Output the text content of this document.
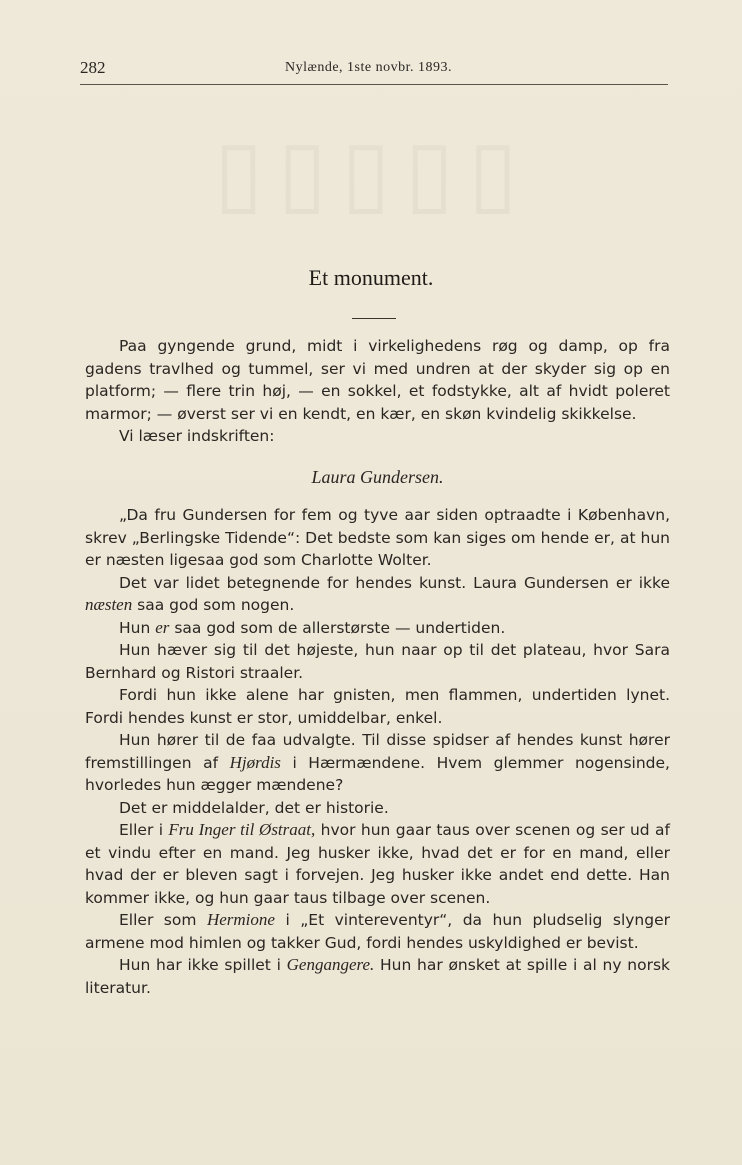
▯▯▯▯▯
282	Nylænde, 1ste novbr. 1893.
Et monument.

Paa gyngende grund, midt i virkelighedens røg og damp, op fra gadens travlhed og tummel, ser vi med undren at der skyder sig op en platform; — flere trin høj, — en sokkel, et fodstykke, alt af hvidt poleret marmor; — øverst ser vi en kendt, en kær, en skøn kvindelig skikkelse.

Vi læser indskriften:

Laura Gundersen.

„Da fru Gundersen for fem og tyve aar siden optraadte i København, skrev „Berlingske Tidende“: Det bedste som kan siges om hende er, at hun er næsten ligesaa god som Charlotte Wolter.

Det var lidet betegnende for hendes kunst. Laura Gundersen er ikke næsten saa god som nogen.

Hun er saa god som de allerstørste — undertiden.

Hun hæver sig til det højeste, hun naar op til det plateau, hvor Sara Bernhard og Ristori straaler.

Fordi hun ikke alene har gnisten, men flammen, undertiden lynet. Fordi hendes kunst er stor, umiddelbar, enkel.

Hun hører til de faa udvalgte. Til disse spidser af hendes kunst hører fremstillingen af Hjørdis i Hærmændene. Hvem glemmer nogensinde, hvorledes hun ægger mændene?

Det er middelalder, det er historie.

Eller i Fru Inger til Østraat, hvor hun gaar taus over scenen og ser ud af et vindu efter en mand. Jeg husker ikke, hvad det er for en mand, eller hvad der er bleven sagt i forvejen. Jeg husker ikke andet end dette. Han kommer ikke, og hun gaar taus tilbage over scenen.

Eller som Hermione i „Et vintereventyr“, da hun pludselig slynger armene mod himlen og takker Gud, fordi hendes uskyldighed er bevist.

Hun har ikke spillet i Gengangere. Hun har ønsket at spille i al ny norsk literatur.
